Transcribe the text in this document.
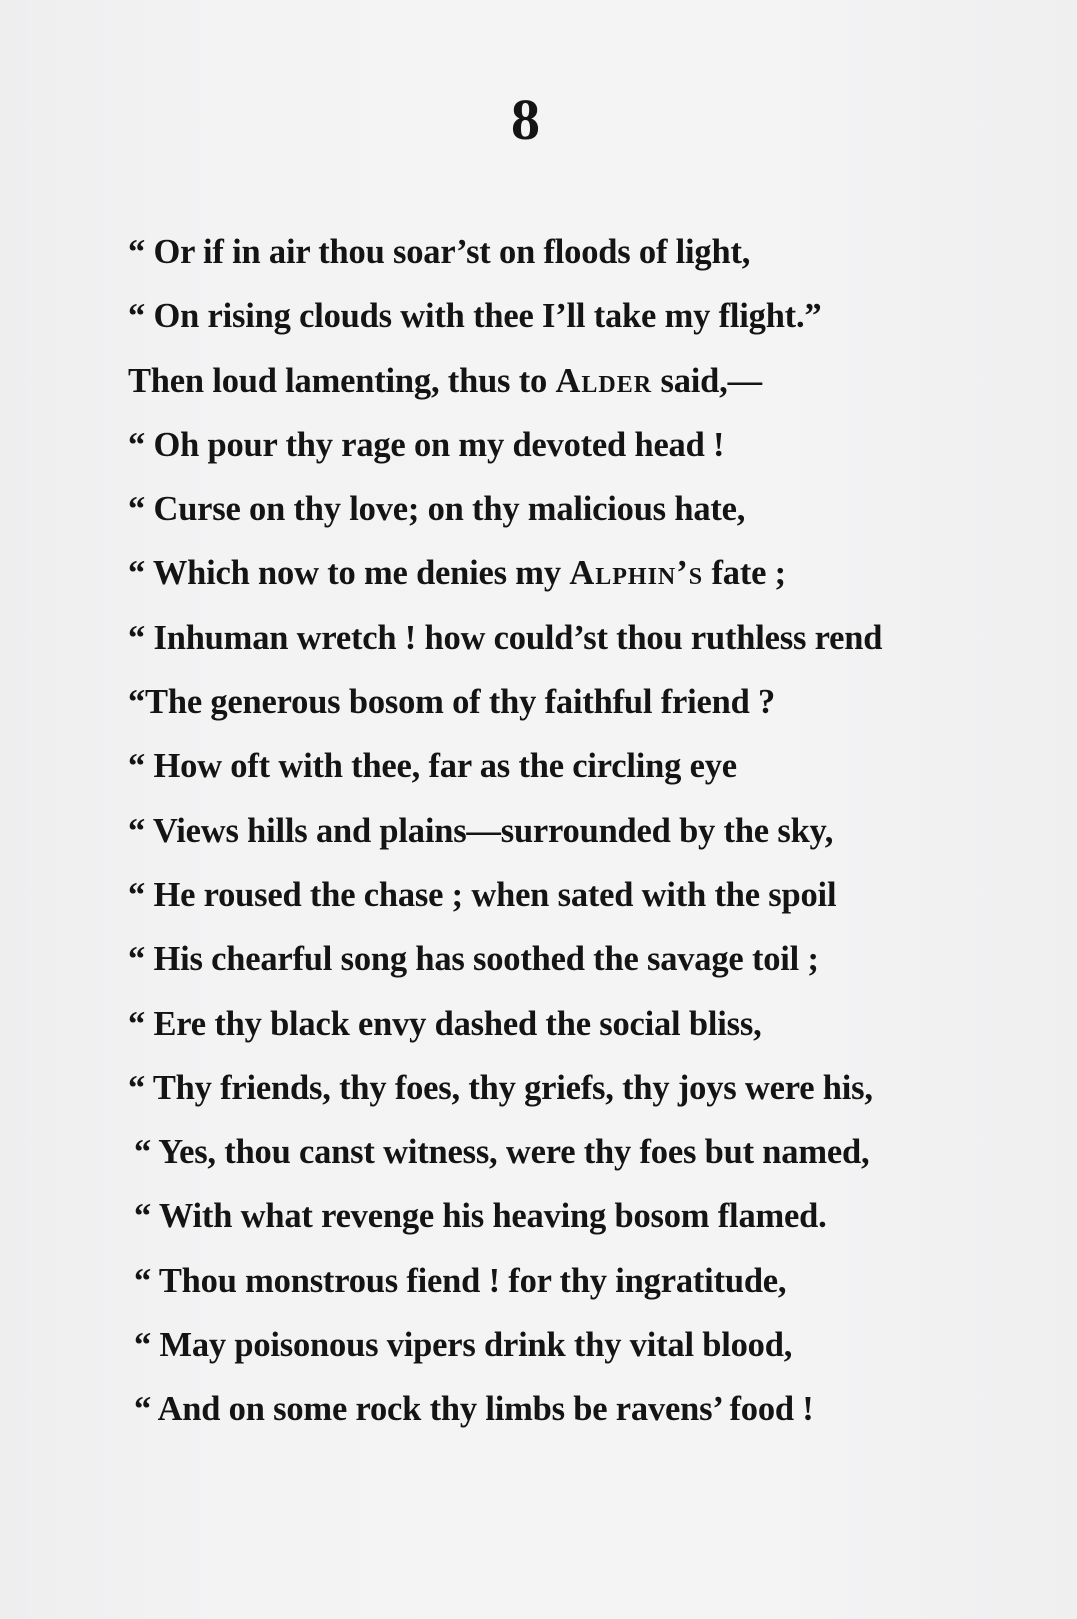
8
“ Or if in air thou soar’st on floods of light,
“ On rising clouds with thee I’ll take my flight.”
Then loud lamenting, thus to Alder said,—
“ Oh pour thy rage on my devoted head !
“ Curse on thy love; on thy malicious hate,
“ Which now to me denies my Alphin’s fate ;
“ Inhuman wretch ! how could’st thou ruthless rend
“The generous bosom of thy faithful friend ?
“ How oft with thee, far as the circling eye
“ Views hills and plains—surrounded by the sky,
“ He roused the chase ; when sated with the spoil
“ His chearful song has soothed the savage toil ;
“ Ere thy black envy dashed the social bliss,
“ Thy friends, thy foes, thy griefs, thy joys were his,
“ Yes, thou canst witness, were thy foes but named,
“ With what revenge his heaving bosom flamed.
“ Thou monstrous fiend ! for thy ingratitude,
“ May poisonous vipers drink thy vital blood,
“ And on some rock thy limbs be ravens’ food !
